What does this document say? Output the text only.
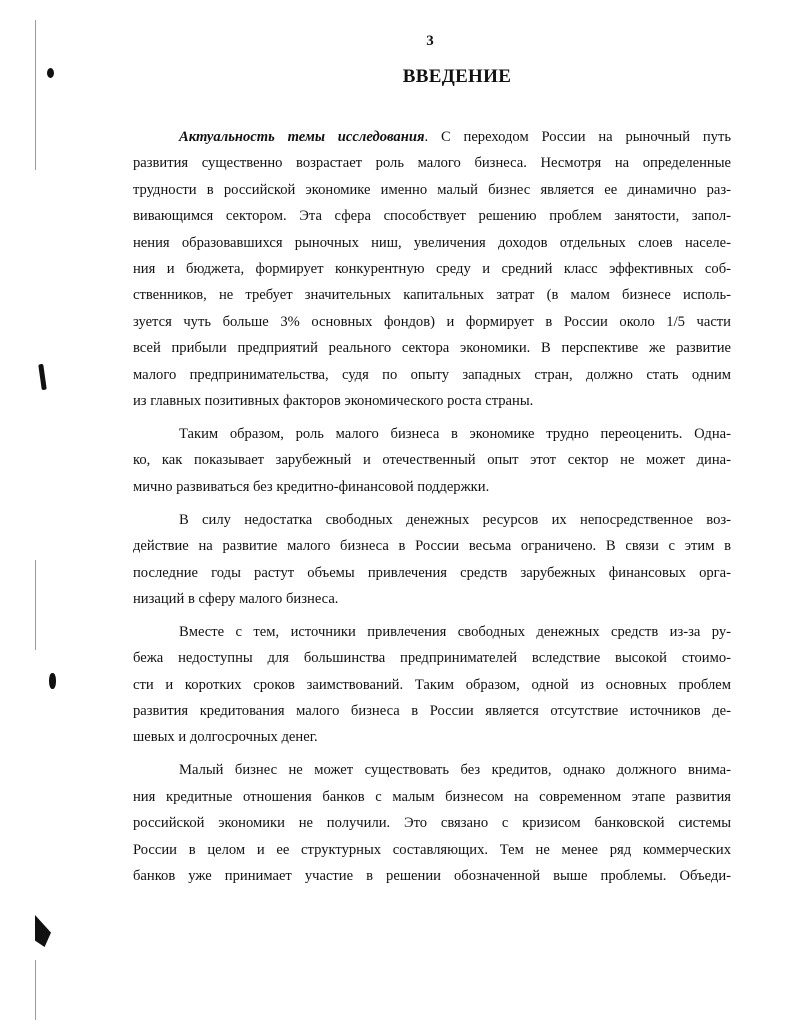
3
ВВЕДЕНИЕ

Актуальность темы исследования. С переходом России на рыночный путь
развития существенно возрастает роль малого бизнеса. Несмотря на определенные
трудности в российской экономике именно малый бизнес является ее динамично раз-
вивающимся сектором. Эта сфера способствует решению проблем занятости, запол-
нения образовавшихся рыночных ниш, увеличения доходов отдельных слоев населе-
ния и бюджета, формирует конкурентную среду и средний класс эффективных соб-
ственников, не требует значительных капитальных затрат (в малом бизнесе исполь-
зуется чуть больше 3% основных фондов) и формирует в России около 1/5 части
всей прибыли предприятий реального сектора экономики. В перспективе же развитие
малого предпринимательства, судя по опыту западных стран, должно стать одним
из главных позитивных факторов экономического роста страны.

Таким образом, роль малого бизнеса в экономике трудно переоценить. Одна-
ко, как показывает зарубежный и отечественный опыт этот сектор не может дина-
мично развиваться без кредитно-финансовой поддержки.

В силу недостатка свободных денежных ресурсов их непосредственное воз-
действие на развитие малого бизнеса в России весьма ограничено. В связи с этим в
последние годы растут объемы привлечения средств зарубежных финансовых орга-
низаций в сферу малого бизнеса.

Вместе с тем, источники привлечения свободных денежных средств из-за ру-
бежа недоступны для большинства предпринимателей вследствие высокой стоимо-
сти и коротких сроков заимствований. Таким образом, одной из основных проблем
развития кредитования малого бизнеса в России является отсутствие источников де-
шевых и долгосрочных денег.

Малый бизнес не может существовать без кредитов, однако должного внима-
ния кредитные отношения банков с малым бизнесом на современном этапе развития
российской экономики не получили. Это связано с кризисом банковской системы
России в целом и ее структурных составляющих. Тем не менее ряд коммерческих
банков уже принимает участие в решении обозначенной выше проблемы. Объеди-
